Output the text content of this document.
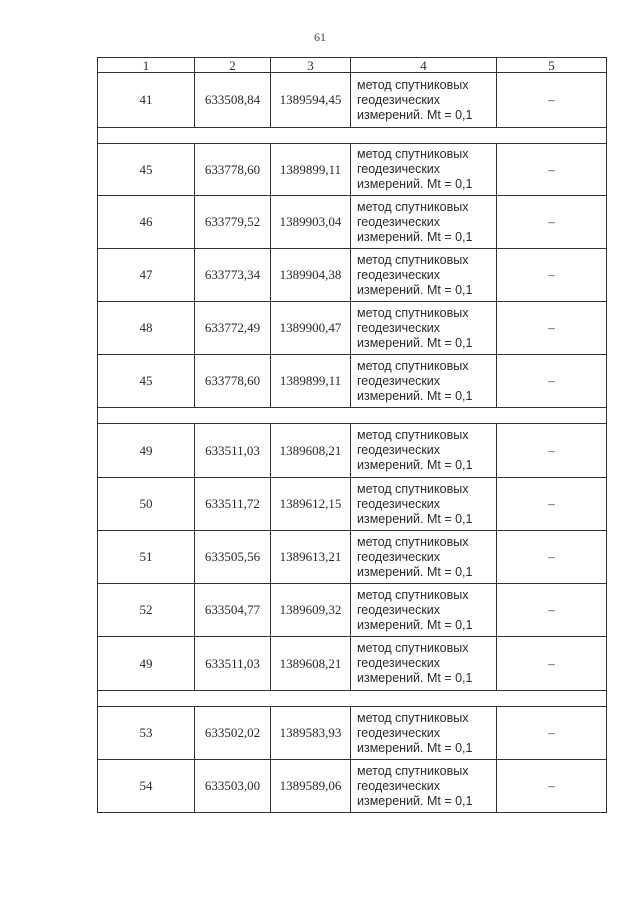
61
1	2	3	4	5
41	633508,84	1389594,45	метод спутниковых
геодезических
измерений. Mt = 0,1	–

45	633778,60	1389899,11	метод спутниковых
геодезических
измерений. Mt = 0,1	–
46	633779,52	1389903,04	метод спутниковых
геодезических
измерений. Mt = 0,1	–
47	633773,34	1389904,38	метод спутниковых
геодезических
измерений. Mt = 0,1	–
48	633772,49	1389900,47	метод спутниковых
геодезических
измерений. Mt = 0,1	–
45	633778,60	1389899,11	метод спутниковых
геодезических
измерений. Mt = 0,1	–

49	633511,03	1389608,21	метод спутниковых
геодезических
измерений. Mt = 0,1	–
50	633511,72	1389612,15	метод спутниковых
геодезических
измерений. Mt = 0,1	–
51	633505,56	1389613,21	метод спутниковых
геодезических
измерений. Mt = 0,1	–
52	633504,77	1389609,32	метод спутниковых
геодезических
измерений. Mt = 0,1	–
49	633511,03	1389608,21	метод спутниковых
геодезических
измерений. Mt = 0,1	–

53	633502,02	1389583,93	метод спутниковых
геодезических
измерений. Mt = 0,1	–
54	633503,00	1389589,06	метод спутниковых
геодезических
измерений. Mt = 0,1	–
